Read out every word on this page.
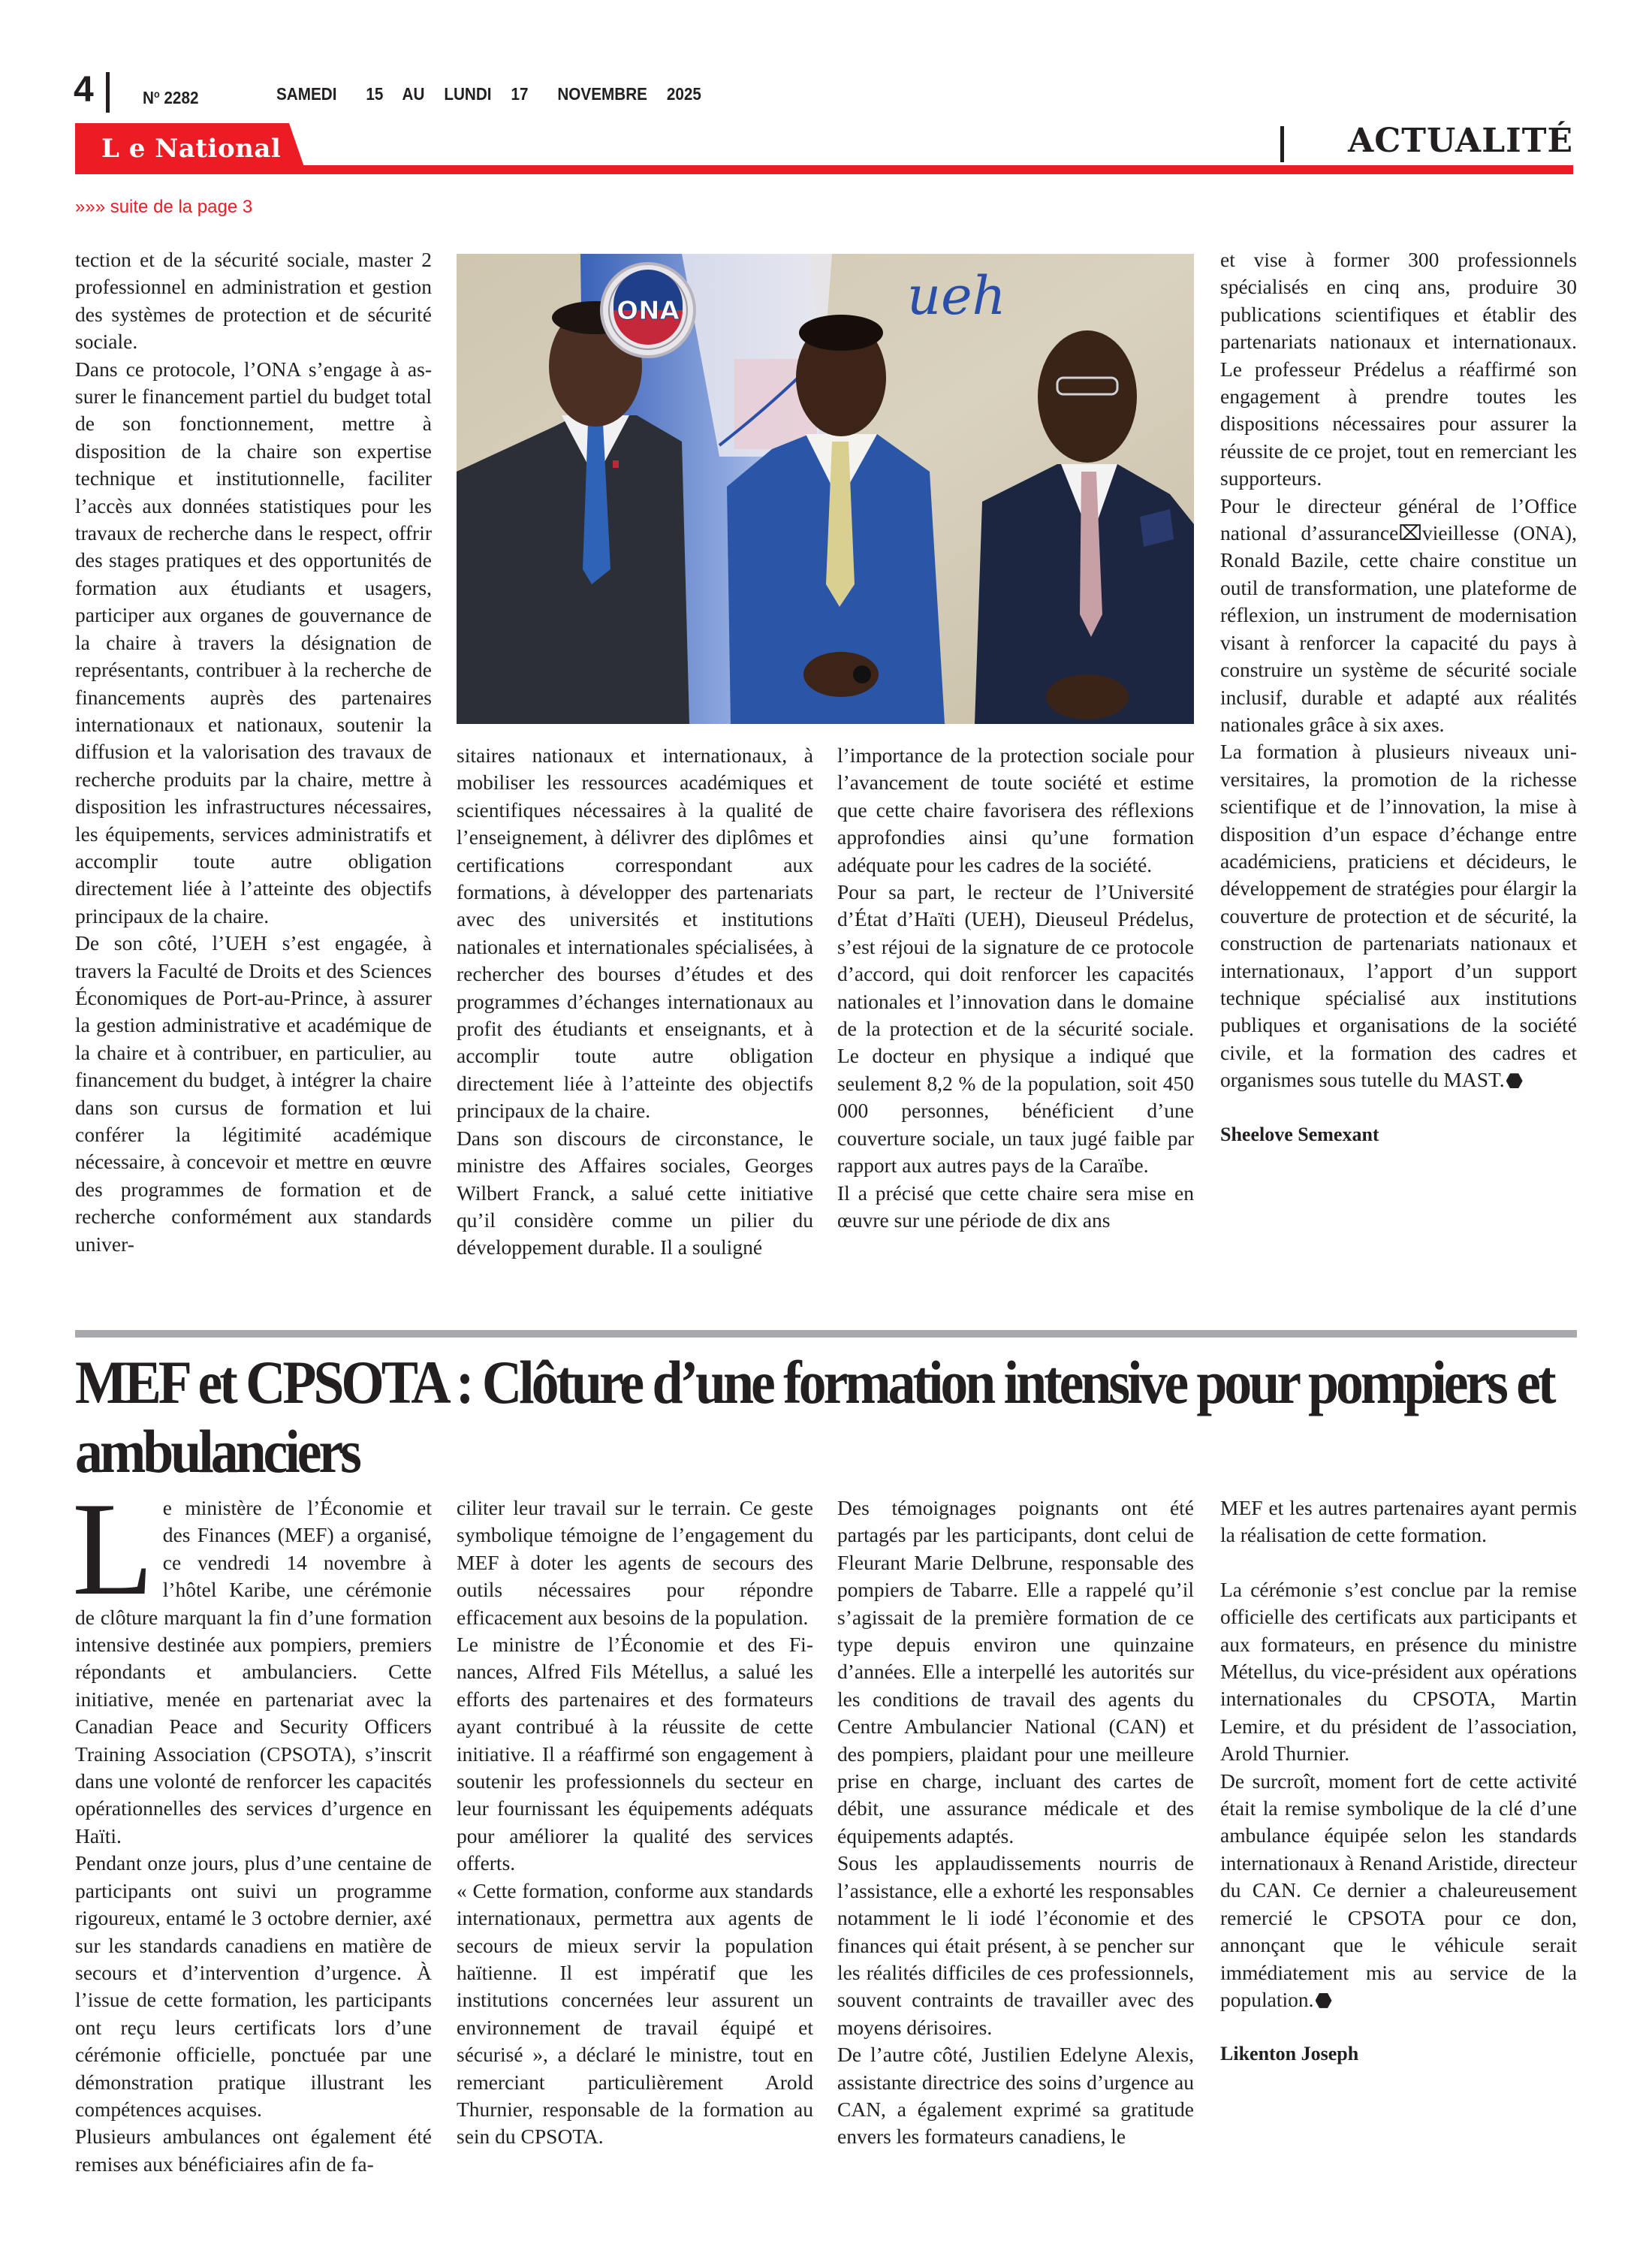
4	$N^o$ 2282	SAMEDI   15  AU  LUNDI  17   NOVEMBRE  2025
L e National	ACTUALITÉ
»»» suite de la page 3

tection et de la sécurité sociale, master 2 professionnel en administration et gestion des systèmes de protection et de sécurité sociale.

Dans ce protocole, l’ONA s’engage à assurer le financement partiel du budget total de son fonctionnement, mettre à disposition de la chaire son expertise technique et institutionnelle, faciliter l’accès aux données statistiques pour les travaux de recherche dans le respect, offrir des stages pratiques et des opportunités de formation aux étudiants et usagers, participer aux organes de gouvernance de la chaire à travers la désignation de représentants, contribuer à la recherche de financements auprès des partenaires internationaux et nationaux, soutenir la diffusion et la valorisation des travaux de recherche produits par la chaire, mettre à disposition les infrastructures nécessaires, les équipements, services administratifs et accomplir toute autre obligation directement liée à l’atteinte des objectifs principaux de la chaire.

De son côté, l’UEH s’est engagée, à travers la Faculté de Droits et des Sciences Économiques de Port-au-Prince, à assurer la gestion administrative et académique de la chaire et à contribuer, en particulier, au financement du budget, à intégrer la chaire dans son cursus de formation et lui conférer la légitimité académique nécessaire, à concevoir et mettre en œuvre des programmes de formation et de recherche conformément aux standards univer-

ONA	ueh

sitaires nationaux et internationaux, à mobiliser les ressources académiques et scientifiques nécessaires à la qualité de l’enseignement, à délivrer des diplômes et certifications correspondant aux formations, à développer des partenariats avec des universités et institutions nationales et internationales spécialisées, à rechercher des bourses d’études et des programmes d’échanges internationaux au profit des étudiants et enseignants, et à accomplir toute autre obligation directement liée à l’atteinte des objectifs principaux de la chaire.

Dans son discours de circonstance, le ministre des Affaires sociales, Georges Wilbert Franck, a salué cette initiative qu’il considère comme un pilier du développement durable. Il a souligné

l’importance de la protection sociale pour l’avancement de toute société et estime que cette chaire favorisera des réflexions approfondies ainsi qu’une formation adéquate pour les cadres de la société.

Pour sa part, le recteur de l’Université d’État d’Haïti (UEH), Dieuseul Prédelus, s’est réjoui de la signature de ce protocole d’accord, qui doit renforcer les capacités nationales et l’innovation dans le domaine de la protection et de la sécurité sociale. Le docteur en physique a indiqué que seulement 8,2 % de la population, soit 450 000 personnes, bénéficient d’une couverture sociale, un taux jugé faible par rapport aux autres pays de la Caraïbe.

Il a précisé que cette chaire sera mise en œuvre sur une période de dix ans

et vise à former 300 professionnels spécialisés en cinq ans, produire 30 publications scientifiques et établir des partenariats nationaux et internationaux. Le professeur Prédelus a réaffirmé son engagement à prendre toutes les dispositions nécessaires pour assurer la réussite de ce projet, tout en remerciant les supporteurs.

Pour le directeur général de l’Office national d’assurance⌧vieillesse (ONA), Ronald Bazile, cette chaire constitue un outil de transformation, une plateforme de réflexion, un instrument de modernisation visant à renforcer la capacité du pays à construire un système de sécurité sociale inclusif, durable et adapté aux réalités nationales grâce à six axes.

La formation à plusieurs niveaux universitaires, la promotion de la richesse scientifique et de l’innovation, la mise à disposition d’un espace d’échange entre académiciens, praticiens et décideurs, le développement de stratégies pour élargir la couverture de protection et de sécurité, la construction de partenariats nationaux et internationaux, l’apport d’un support technique spécialisé aux institutions publiques et organisations de la société civile, et la formation des cadres et organismes sous tutelle du MAST.

Sheelove Semexant

MEF et CPSOTA : Clôture d’une formation intensive pour pompiers et ambulanciers

Le ministère de l’Économie et des Finances (MEF) a organisé, ce vendredi 14 novembre à l’hôtel Karibe, une cérémonie de clôture marquant la fin d’une formation intensive destinée aux pompiers, premiers répondants et ambulanciers. Cette initiative, menée en partenariat avec la Canadian Peace and Security Officers Training Association (CPSOTA), s’inscrit dans une volonté de renforcer les capacités opérationnelles des services d’urgence en Haïti.

Pendant onze jours, plus d’une centaine de participants ont suivi un programme rigoureux, entamé le 3 octobre dernier, axé sur les standards canadiens en matière de secours et d’intervention d’urgence. À l’issue de cette formation, les participants ont reçu leurs certificats lors d’une cérémonie officielle, ponctuée par une démonstration pratique illustrant les compétences acquises.

Plusieurs ambulances ont également été remises aux bénéficiaires afin de fa-

ciliter leur travail sur le terrain. Ce geste symbolique témoigne de l’engagement du MEF à doter les agents de secours des outils nécessaires pour répondre efficacement aux besoins de la population.

Le ministre de l’Économie et des Finances, Alfred Fils Métellus, a salué les efforts des partenaires et des formateurs ayant contribué à la réussite de cette initiative. Il a réaffirmé son engagement à soutenir les professionnels du secteur en leur fournissant les équipements adéquats pour améliorer la qualité des services offerts.

« Cette formation, conforme aux standards internationaux, permettra aux agents de secours de mieux servir la population haïtienne. Il est impératif que les institutions concernées leur assurent un environnement de travail équipé et sécurisé », a déclaré le ministre, tout en remerciant particulièrement Arold Thurnier, responsable de la formation au sein du CPSOTA.

Des témoignages poignants ont été partagés par les participants, dont celui de Fleurant Marie Delbrune, responsable des pompiers de Tabarre. Elle a rappelé qu’il s’agissait de la première formation de ce type depuis environ une quinzaine d’années. Elle a interpellé les autorités sur les conditions de travail des agents du Centre Ambulancier National (CAN) et des pompiers, plaidant pour une meilleure prise en charge, incluant des cartes de débit, une assurance médicale et des équipements adaptés.

Sous les applaudissements nourris de l’assistance, elle a exhorté les responsables notamment le li iodé l’économie et des finances qui était présent, à se pencher sur les réalités difficiles de ces professionnels, souvent contraints de travailler avec des moyens dérisoires.

De l’autre côté, Justilien Edelyne Alexis, assistante directrice des soins d’urgence au CAN, a également exprimé sa gratitude envers les formateurs canadiens, le

MEF et les autres partenaires ayant permis la réalisation de cette formation.

La cérémonie s’est conclue par la remise officielle des certificats aux participants et aux formateurs, en présence du ministre Métellus, du vice-président aux opérations internationales du CPSOTA, Martin Lemire, et du président de l’association, Arold Thurnier.

De surcroît, moment fort de cette activité était la remise symbolique de la clé d’une ambulance équipée selon les standards internationaux à Renand Aristide, directeur du CAN. Ce dernier a chaleureusement remercié le CPSOTA pour ce don, annonçant que le véhicule serait immédiatement mis au service de la population.

Likenton Joseph
